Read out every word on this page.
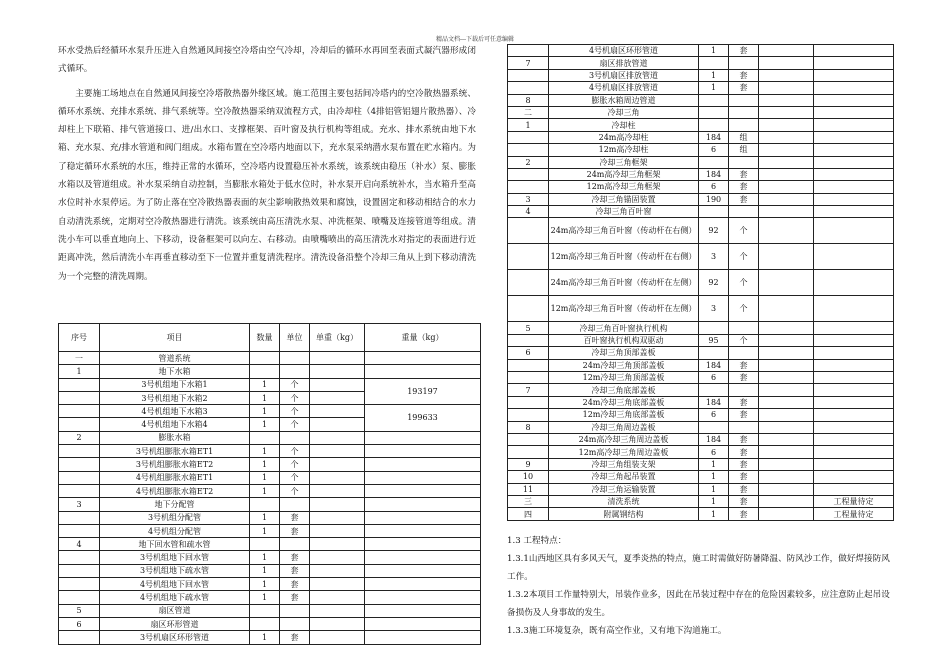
精品文档---下载后可任意编辑

环水受热后经循环水泵升压进入自然通风间接空冷塔由空气冷却，冷却后的循环水再回至表面式凝汽器形成闭式循环。

主要施工场地点在自然通风间接空冷塔散热器外缘区域。施工范围主要包括间冷塔内的空冷散热器系统、循环水系统、充排水系统、排气系统等。空冷散热器采纳双流程方式，由冷却柱（4排铝管铝翅片散热器）、冷却柱上下联箱、排气管道接口、进/出水口、支撑框架、百叶窗及执行机构等组成。充水、排水系统由地下水箱、充水泵、充/排水管道和阀门组成。水箱布置在空冷塔内地面以下，充水泵采纳潜水泵布置在贮水箱内。为了稳定循环水系统的水压，维持正常的水循环，空冷塔内设置稳压补水系统，该系统由稳压（补水）泵、膨胀水箱以及管道组成。补水泵采纳自动控制，当膨胀水箱处于低水位时，补水泵开启向系统补水，当水箱升至高水位时补水泵停运。为了防止落在空冷散热器表面的灰尘影响散热效果和腐蚀，设置固定和移动相结合的水力自动清洗系统，定期对空冷散热器进行清洗。该系统由高压清洗水泵、冲洗框架、喷嘴及连接管道等组成。清洗小车可以垂直地向上、下移动，设备框架可以向左、右移动。由喷嘴喷出的高压清洗水对指定的表面进行近距离冲洗，然后清洗小车再垂直移动至下一位置并重复清洗程序。清洗设备沿整个冷却三角从上到下移动清洗为一个完整的清洗周期。

序号	项目	数量	单位	单重（kg）	重量（kg）
一	管道系统				
1	地下水箱				
	3号机组地下水箱1	1	个		193197
	3号机组地下水箱2	1	个		
	4号机组地下水箱3	1	个		199633
	4号机组地下水箱4	1	个		
2	膨胀水箱				
	3号机组膨胀水箱ET1	1	个		
	3号机组膨胀水箱ET2	1	个		
	4号机组膨胀水箱ET1	1	个		
	4号机组膨胀水箱ET2	1	个		
3	地下分配管				
	3号机组分配管	1	套		
	4号机组分配管	1	套		
4	地下回水管和疏水管				
	3号机组地下回水管	1	套		
	3号机组地下疏水管	1	套		
	4号机组地下回水管	1	套		
	4号机组地下疏水管	1	套		
5	扇区管道				
6	扇区环形管道				
	3号机扇区环形管道	1	套		
	4号机扇区环形管道	1	套		
7	扇区排放管道				
	3号机扇区排放管道	1	套		
	4号机扇区排放管道	1	套		
8	膨胀水箱周边管道				
二	冷却三角				
1	冷却柱				
	24m高冷却柱	184	组		
	12m高冷却柱	6	组		
2	冷却三角框架				
	24m高冷却三角框架	184	套		
	12m高冷却三角框架	6	套		
3	冷却三角锚固装置	190	套		
4	冷却三角百叶窗				
	24m高冷却三角百叶窗（传动杆在右侧）	92	个		
	12m高冷却三角百叶窗（传动杆在右侧）	3	个		
	24m高冷却三角百叶窗（传动杆在左侧）	92	个		
	12m高冷却三角百叶窗（传动杆在左侧）	3	个		
5	冷却三角百叶窗执行机构				
	百叶窗执行机构双驱动	95	个		
6	冷却三角顶部盖板				
	24m冷却三角顶部盖板	184	套		
	12m冷却三角顶部盖板	6	套		
7	冷却三角底部盖板				
	24m冷却三角底部盖板	184	套		
	12m冷却三角底部盖板	6	套		
8	冷却三角周边盖板				
	24m高冷却三角周边盖板	184	套		
	12m高冷却三角周边盖板	6	套		
9	冷却三角组装支架	1	套		
10	冷却三角起吊装置	1	套		
11	冷却三角运输装置	1	套		
三	清洗系统	1	套		工程量待定
四	附属钢结构	1	套		工程量待定

1.3 工程特点：

1.3.1山西地区具有多风天气，夏季炎热的特点，施工时需做好防暑降温、防风沙工作，做好焊接防风工作。

1.3.2本项目工作量特别大，吊装作业多，因此在吊装过程中存在的危险因素较多，应注意防止起吊设备损伤及人身事故的发生。

1.3.3施工环境复杂，既有高空作业，又有地下沟道施工。
